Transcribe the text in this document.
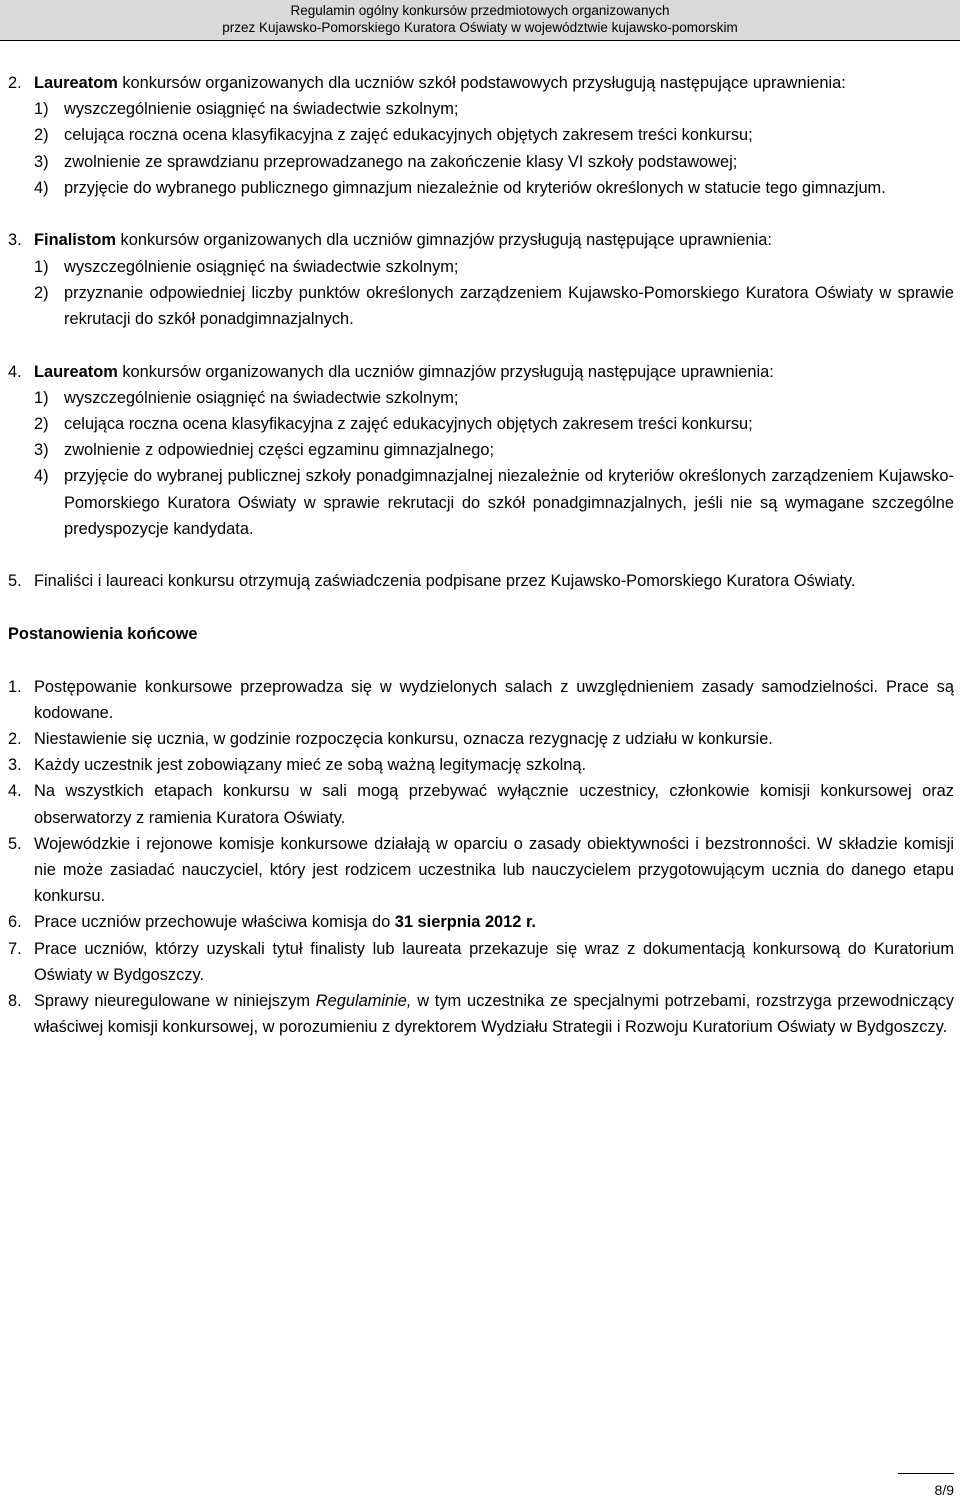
Regulamin ogólny konkursów przedmiotowych organizowanych
przez Kujawsko-Pomorskiego Kuratora Oświaty w województwie kujawsko-pomorskim
2. Laureatom konkursów organizowanych dla uczniów szkół podstawowych przysługują następujące uprawnienia:
1) wyszczególnienie osiągnięć na świadectwie szkolnym;
2) celująca roczna ocena klasyfikacyjna z zajęć edukacyjnych objętych zakresem treści konkursu;
3) zwolnienie ze sprawdzianu przeprowadzanego na zakończenie klasy VI szkoły podstawowej;
4) przyjęcie do wybranego publicznego gimnazjum niezależnie od kryteriów określonych w statucie tego gimnazjum.
3. Finalistom konkursów organizowanych dla uczniów gimnazjów przysługują następujące uprawnienia:
1) wyszczególnienie osiągnięć na świadectwie szkolnym;
2) przyznanie odpowiedniej liczby punktów określonych zarządzeniem Kujawsko-Pomorskiego Kuratora Oświaty w sprawie rekrutacji do szkół ponadgimnazjalnych.
4. Laureatom konkursów organizowanych dla uczniów gimnazjów przysługują następujące uprawnienia:
1) wyszczególnienie osiągnięć na świadectwie szkolnym;
2) celująca roczna ocena klasyfikacyjna z zajęć edukacyjnych objętych zakresem treści konkursu;
3) zwolnienie z odpowiedniej części egzaminu gimnazjalnego;
4) przyjęcie do wybranej publicznej szkoły ponadgimnazjalnej niezależnie od kryteriów określonych zarządzeniem Kujawsko-Pomorskiego Kuratora Oświaty w sprawie rekrutacji do szkół ponadgimnazjalnych, jeśli nie są wymagane szczególne predyspozycje kandydata.
5. Finaliści i laureaci konkursu otrzymują zaświadczenia podpisane przez Kujawsko-Pomorskiego Kuratora Oświaty.
Postanowienia końcowe
1. Postępowanie konkursowe przeprowadza się w wydzielonych salach z uwzględnieniem zasady samodzielności. Prace są kodowane.
2. Niestawienie się ucznia, w godzinie rozpoczęcia konkursu, oznacza rezygnację z udziału w konkursie.
3. Każdy uczestnik jest zobowiązany mieć ze sobą ważną legitymację szkolną.
4. Na wszystkich etapach konkursu w sali mogą przebywać wyłącznie uczestnicy, członkowie komisji konkursowej oraz obserwatorzy z ramienia Kuratora Oświaty.
5. Wojewódzkie i rejonowe komisje konkursowe działają w oparciu o zasady obiektywności i bezstronności. W składzie komisji nie może zasiadać nauczyciel, który jest rodzicem uczestnika lub nauczycielem przygotowującym ucznia do danego etapu konkursu.
6. Prace uczniów przechowuje właściwa komisja do 31 sierpnia 2012 r.
7. Prace uczniów, którzy uzyskali tytuł finalisty lub laureata przekazuje się wraz z dokumentacją konkursową do Kuratorium Oświaty w Bydgoszczy.
8. Sprawy nieuregulowane w niniejszym Regulaminie, w tym uczestnika ze specjalnymi potrzebami, rozstrzyga przewodniczący właściwej komisji konkursowej, w porozumieniu z dyrektorem Wydziału Strategii i Rozwoju Kuratorium Oświaty w Bydgoszczy.
8/9
